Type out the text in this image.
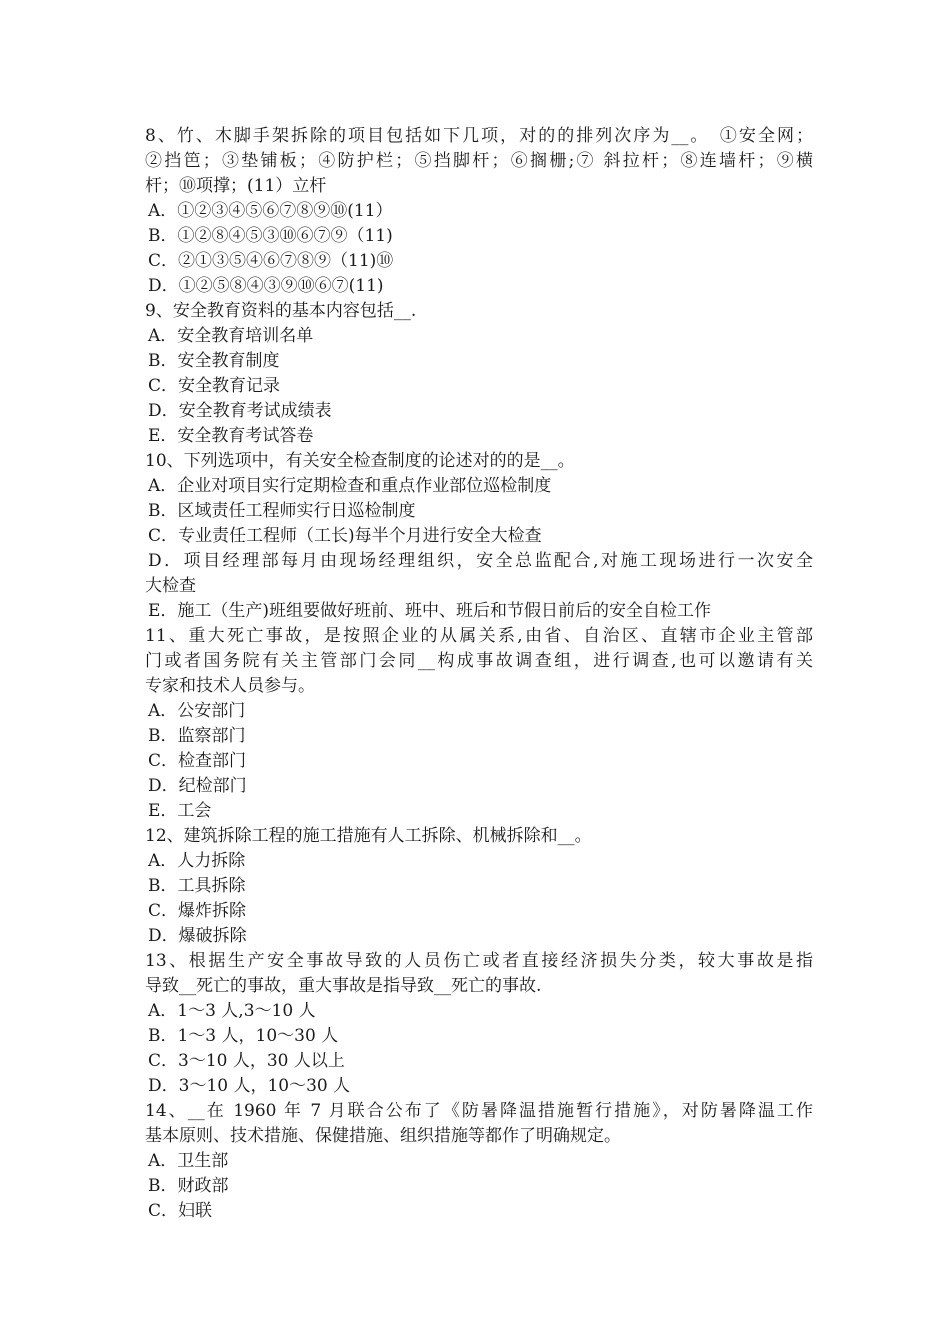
8、竹、木脚手架拆除的项目包括如下几项，对的的排列次序为__。　①安全网；
②挡笆；③垫铺板；④防护栏；⑤挡脚杆；⑥搁栅;⑦ 斜拉杆；⑧连墙杆；⑨横
杆；⑩项撑；(11）立杆
A．①②③④⑤⑥⑦⑧⑨⑩(11）
B．①②⑧④⑤③⑩⑥⑦⑨（11)
C．②①③⑤④⑥⑦⑧⑨（11)⑩
D．①②⑤⑧④③⑨⑩⑥⑦(11)
9、安全教育资料的基本内容包括__.
A．安全教育培训名单
B．安全教育制度
C．安全教育记录
D．安全教育考试成绩表
E．安全教育考试答卷
10、下列选项中，有关安全检查制度的论述对的的是__。
A．企业对项目实行定期检查和重点作业部位巡检制度
B．区域责任工程师实行日巡检制度
C．专业责任工程师（工长)每半个月进行安全大检查
D．项目经理部每月由现场经理组织，安全总监配合,对施工现场进行一次安全
大检查
E．施工（生产)班组要做好班前、班中、班后和节假日前后的安全自检工作
11、重大死亡事故，是按照企业的从属关系,由省、自治区、直辖市企业主管部
门或者国务院有关主管部门会同__构成事故调查组，进行调查,也可以邀请有关
专家和技术人员参与。
A．公安部门
B．监察部门
C．检查部门
D．纪检部门
E．工会
12、建筑拆除工程的施工措施有人工拆除、机械拆除和__。
A．人力拆除
B．工具拆除
C．爆炸拆除
D．爆破拆除
13、根据生产安全事故导致的人员伤亡或者直接经济损失分类，较大事故是指
导致__死亡的事故，重大事故是指导致__死亡的事故.
A．1～3 人,3～10 人
B．1～3 人，10～30 人
C．3～10 人，30 人以上
D．3～10 人，10～30 人
14、__在 1960 年 7 月联合公布了《防暑降温措施暂行措施》，对防暑降温工作
基本原则、技术措施、保健措施、组织措施等都作了明确规定。
A．卫生部
B．财政部
C．妇联
